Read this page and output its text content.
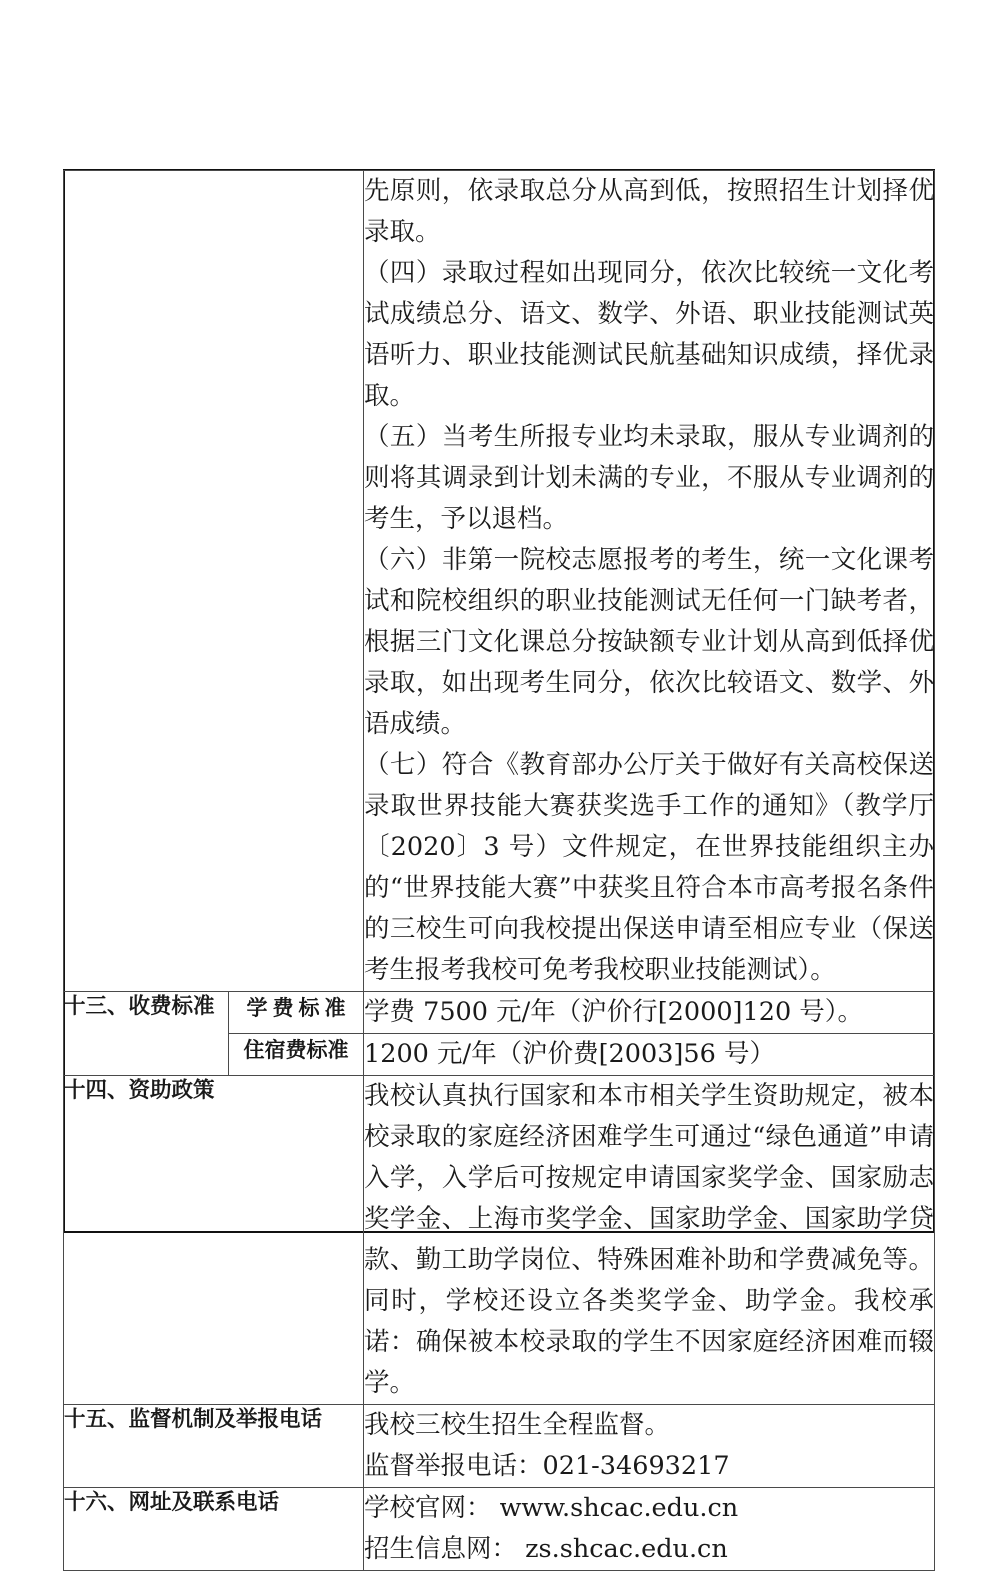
		先原则，依录取总分从高到低，按照招生计划择优录取。

（四）录取过程如出现同分，依次比较统一文化考试成绩总分、语文、数学、外语、职业技能测试英语听力、职业技能测试民航基础知识成绩，择优录取。

（五）当考生所报专业均未录取，服从专业调剂的则将其调录到计划未满的专业，不服从专业调剂的考生，予以退档。

（六）非第一院校志愿报考的考生，统一文化课考试和院校组织的职业技能测试无任何一门缺考者，根据三门文化课总分按缺额专业计划从高到低择优录取，如出现考生同分，依次比较语文、数学、外语成绩。

（七）符合《教育部办公厅关于做好有关高校保送录取世界技能大赛获奖选手工作的通知》（教学厅〔2020〕3 号）文件规定，在世界技能组织主办的“世界技能大赛”中获奖且符合本市高考报名条件的三校生可向我校提出保送申请至相应专业（保送考生报考我校可免考我校职业技能测试）。

十三、收费标准	学费标准	学费 7500 元/年（沪价行[2000]120 号）。
	住宿费标准	1200 元/年（沪价费[2003]56 号）
十四、资助政策		我校认真执行国家和本市相关学生资助规定，被本校录取的家庭经济困难学生可通过“绿色通道”申请入学，入学后可按规定申请国家奖学金、国家励志奖学金、上海市奖学金、国家助学金、国家助学贷款、勤工助学岗位、特殊困难补助和学费减免等。同时，学校还设立各类奖学金、助学金。我校承诺：确保被本校录取的学生不因家庭经济困难而辍学。

十五、监督机制及举报电话		我校三校生招生全程监督。

监督举报电话：021-34693217

十六、网址及联系电话		学校官网： www.shcac.edu.cn

招生信息网： zs.shcac.edu.cn
